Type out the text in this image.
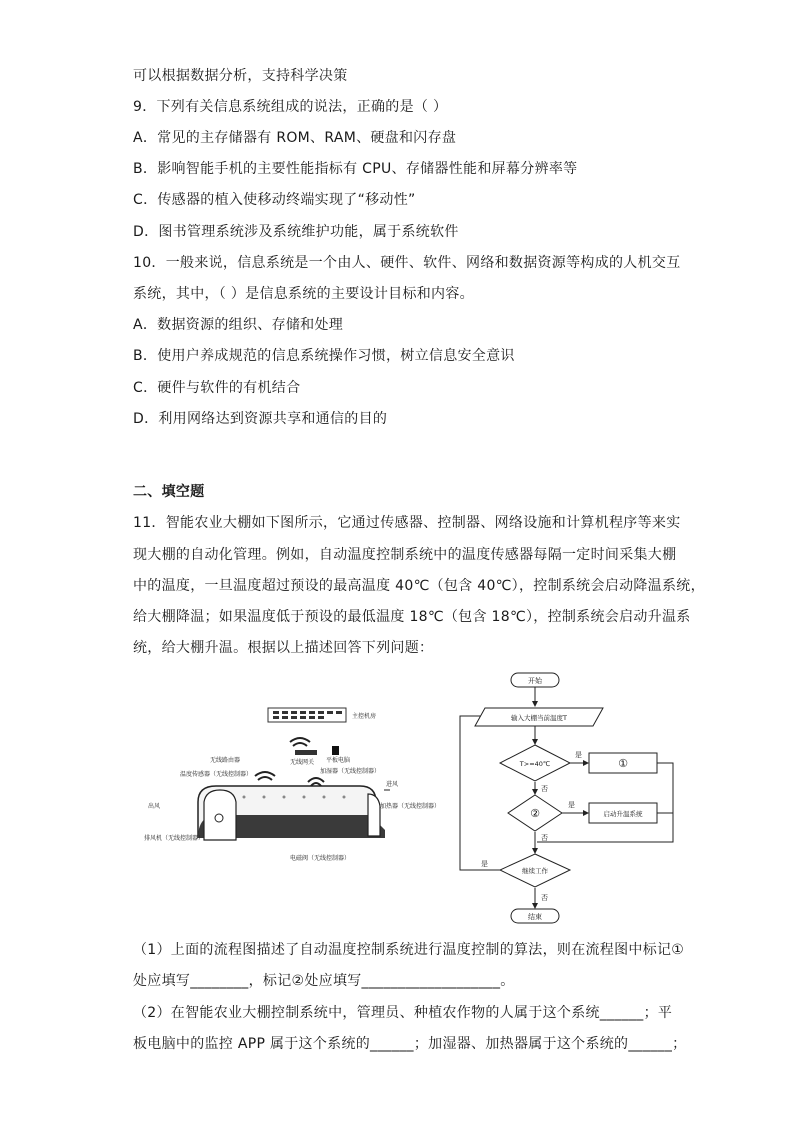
可以根据数据分析，支持科学决策
9．下列有关信息系统组成的说法，正确的是（ ）
A．常见的主存储器有 ROM、RAM、硬盘和闪存盘
B．影响智能手机的主要性能指标有 CPU、存储器性能和屏幕分辨率等
C．传感器的植入使移动终端实现了“移动性”
D．图书管理系统涉及系统维护功能，属于系统软件
10．一般来说，信息系统是一个由人、硬件、软件、网络和数据资源等构成的人机交互
系统，其中，（ ）是信息系统的主要设计目标和内容。
A．数据资源的组织、存储和处理
B．使用户养成规范的信息系统操作习惯，树立信息安全意识
C．硬件与软件的有机结合
D．利用网络达到资源共享和通信的目的
二、填空题
11．智能农业大棚如下图所示，它通过传感器、控制器、网络设施和计算机程序等来实
现大棚的自动化管理。例如，自动温度控制系统中的温度传感器每隔一定时间采集大棚
中的温度，一旦温度超过预设的最高温度 40℃（包含 40℃），控制系统会启动降温系统，
给大棚降温；如果温度低于预设的最低温度 18℃（包含 18℃），控制系统会启动升温系
统，给大棚升温。根据以上描述回答下列问题：
主控机房
无线路由器	无线网关 平板电脑
温度传感器（无线控制器）	加湿器（无线控制器）
进风
加热器（无线控制器）
出风
排风机（无线控制器）
电磁阀（无线控制器）
开始
输入大棚当前温度T
T>=40℃
是
否
①
②
是
否
启动升温系统
继续工作
是
否
结束
（1）上面的流程图描述了自动温度控制系统进行温度控制的算法，则在流程图中标记①
处应填写________，标记②处应填写___________________。
（2）在智能农业大棚控制系统中，管理员、种植农作物的人属于这个系统______；平
板电脑中的监控 APP 属于这个系统的______；加湿器、加热器属于这个系统的______；
